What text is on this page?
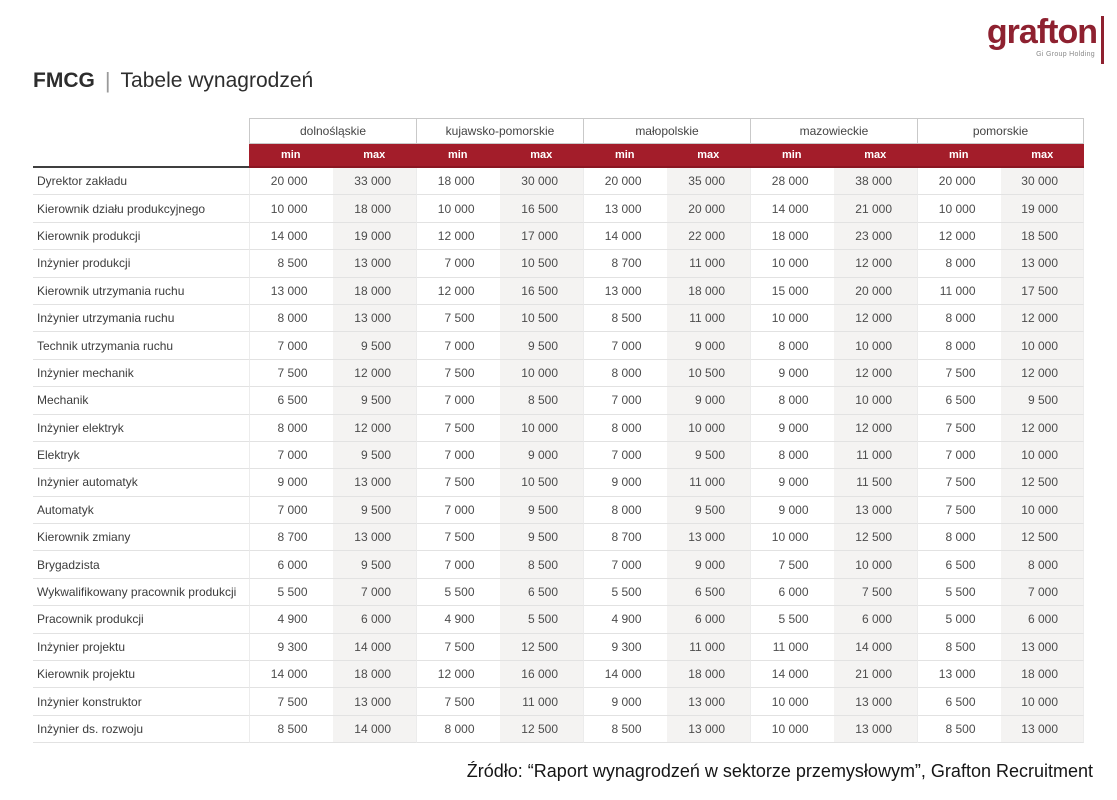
grafton
Gi Group Holding
FMCG | Tabele wynagrodzeń
dolnośląskie	kujawsko-pomorskie	małopolskie	mazowieckie	pomorskie
min	max	min	max	min	max	min	max	min	max
Dyrektor zakładu	20 000	33 000	18 000	30 000	20 000	35 000	28 000	38 000	20 000	30 000
Kierownik działu produkcyjnego	10 000	18 000	10 000	16 500	13 000	20 000	14 000	21 000	10 000	19 000
Kierownik produkcji	14 000	19 000	12 000	17 000	14 000	22 000	18 000	23 000	12 000	18 500
Inżynier produkcji	8 500	13 000	7 000	10 500	8 700	11 000	10 000	12 000	8 000	13 000
Kierownik utrzymania ruchu	13 000	18 000	12 000	16 500	13 000	18 000	15 000	20 000	11 000	17 500
Inżynier utrzymania ruchu	8 000	13 000	7 500	10 500	8 500	11 000	10 000	12 000	8 000	12 000
Technik utrzymania ruchu	7 000	9 500	7 000	9 500	7 000	9 000	8 000	10 000	8 000	10 000
Inżynier mechanik	7 500	12 000	7 500	10 000	8 000	10 500	9 000	12 000	7 500	12 000
Mechanik	6 500	9 500	7 000	8 500	7 000	9 000	8 000	10 000	6 500	9 500
Inżynier elektryk	8 000	12 000	7 500	10 000	8 000	10 000	9 000	12 000	7 500	12 000
Elektryk	7 000	9 500	7 000	9 000	7 000	9 500	8 000	11 000	7 000	10 000
Inżynier automatyk	9 000	13 000	7 500	10 500	9 000	11 000	9 000	11 500	7 500	12 500
Automatyk	7 000	9 500	7 000	9 500	8 000	9 500	9 000	13 000	7 500	10 000
Kierownik zmiany	8 700	13 000	7 500	9 500	8 700	13 000	10 000	12 500	8 000	12 500
Brygadzista	6 000	9 500	7 000	8 500	7 000	9 000	7 500	10 000	6 500	8 000
Wykwalifikowany pracownik produkcji	5 500	7 000	5 500	6 500	5 500	6 500	6 000	7 500	5 500	7 000
Pracownik produkcji	4 900	6 000	4 900	5 500	4 900	6 000	5 500	6 000	5 000	6 000
Inżynier projektu	9 300	14 000	7 500	12 500	9 300	11 000	11 000	14 000	8 500	13 000
Kierownik projektu	14 000	18 000	12 000	16 000	14 000	18 000	14 000	21 000	13 000	18 000
Inżynier konstruktor	7 500	13 000	7 500	11 000	9 000	13 000	10 000	13 000	6 500	10 000
Inżynier ds. rozwoju	8 500	14 000	8 000	12 500	8 500	13 000	10 000	13 000	8 500	13 000
Źródło: “Raport wynagrodzeń w sektorze przemysłowym”, Grafton Recruitment
